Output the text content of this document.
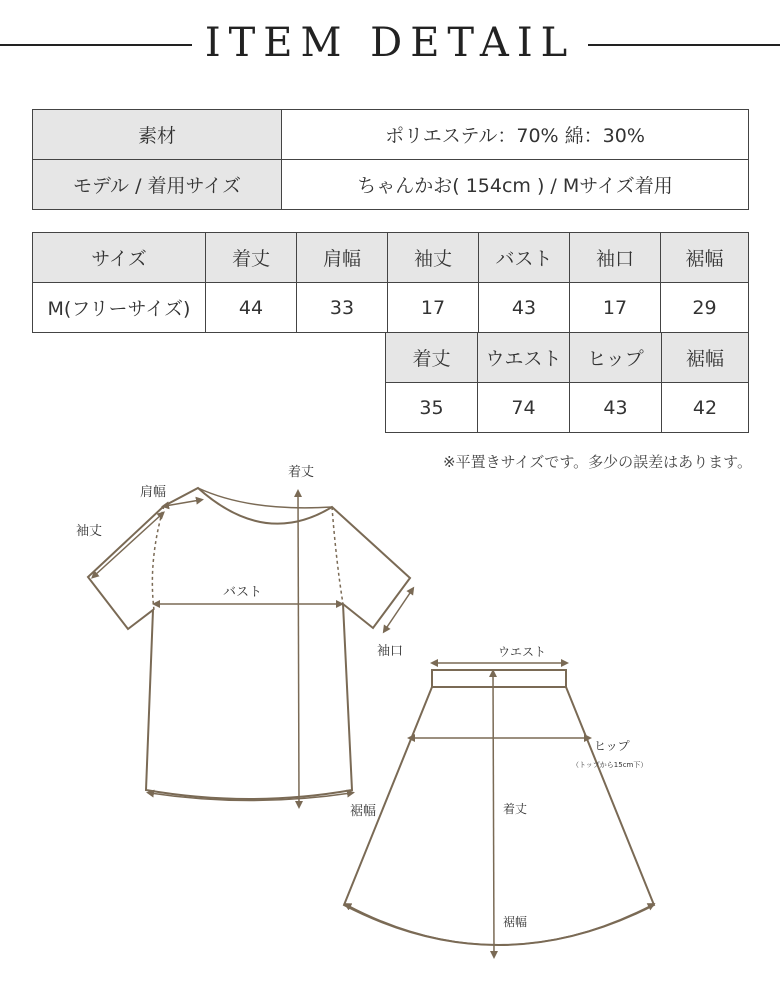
ITEM DETAIL
素材	ポリエステル：70% 綿：30%
モデル / 着用サイズ	ちゃんかお( 154cm ) / Mサイズ着用
サイズ	着丈	肩幅	袖丈	バスト	袖口	裾幅
M(フリーサイズ)	44	33	17	43	17	29
着丈	ウエスト	ヒップ	裾幅
35	74	43	42
※平置きサイズです。多少の誤差はあります。
着丈
肩幅
袖丈
バスト
袖口
裾幅
ウエスト
ヒップ
（トップから15cm下）
着丈
裾幅
